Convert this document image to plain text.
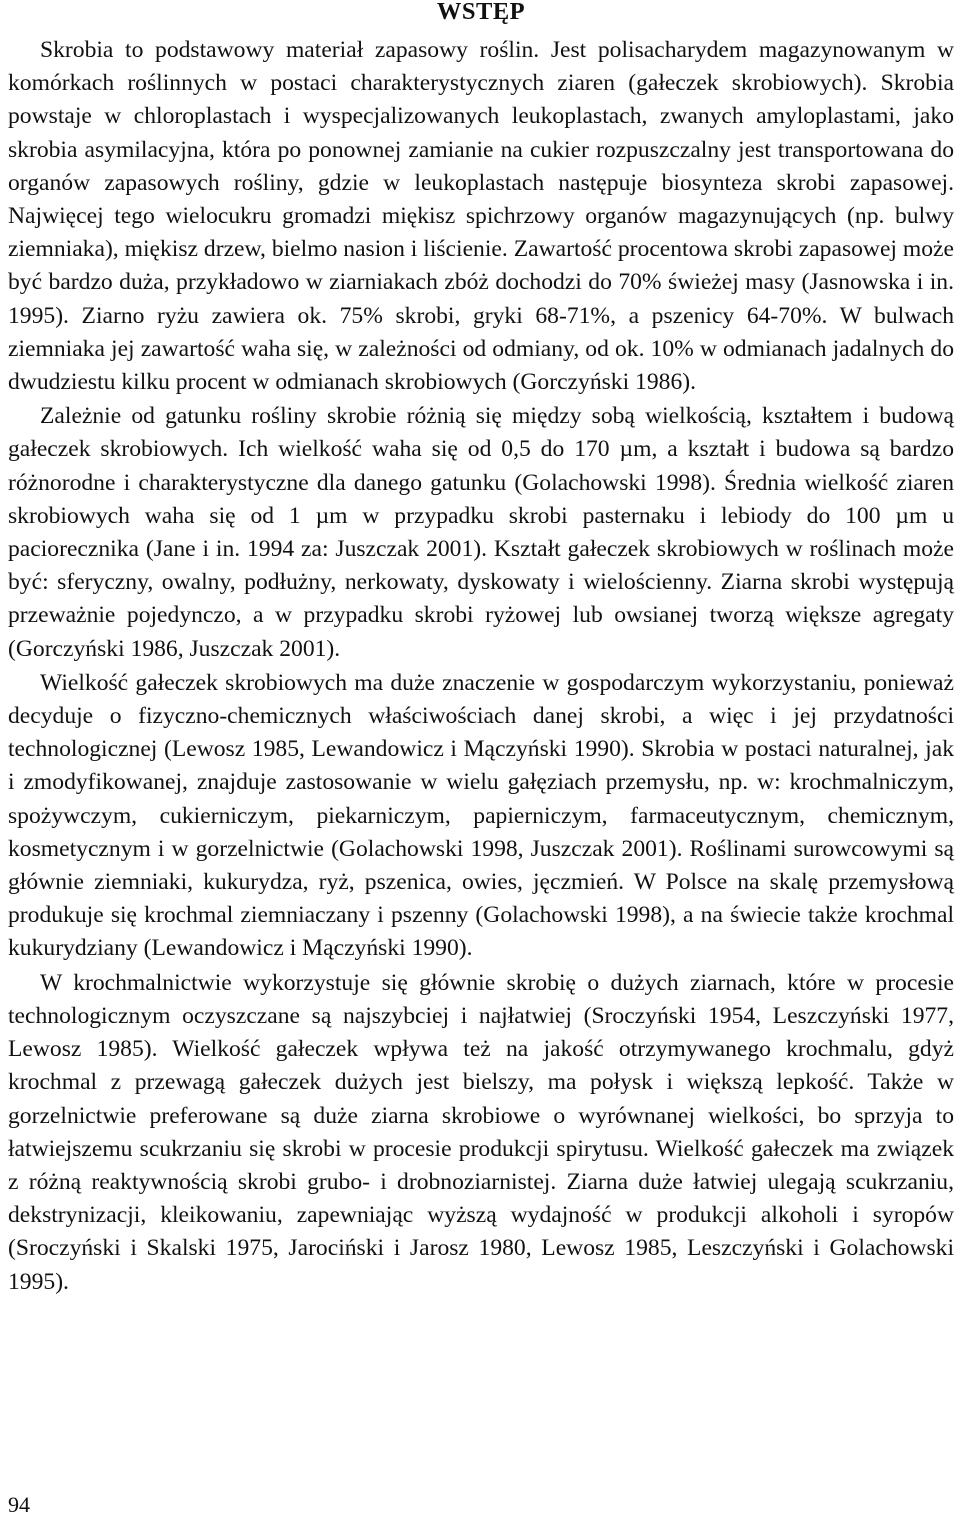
WSTĘP

Skrobia to podstawowy materiał zapasowy roślin. Jest polisacharydem magazynowanym w komórkach roślinnych w postaci charakterystycznych ziaren (gałeczek skrobiowych). Skrobia powstaje w chloroplastach i wyspecjalizowanych leukoplastach, zwanych amyloplastami, jako skrobia asymilacyjna, która po ponownej zamianie na cukier rozpuszczalny jest transportowana do organów zapasowych rośliny, gdzie w leukoplastach następuje biosynteza skrobi zapasowej. Najwięcej tego wielocukru gromadzi miękisz spichrzowy organów magazynujących (np. bulwy ziemniaka), miękisz drzew, bielmo nasion i liścienie. Zawartość procentowa skrobi zapasowej może być bardzo duża, przykładowo w ziarniakach zbóż dochodzi do 70% świeżej masy (Jasnowska i in. 1995). Ziarno ryżu zawiera ok. 75% skrobi, gryki 68-71%, a pszenicy 64-70%. W bulwach ziemniaka jej zawartość waha się, w zależności od odmiany, od ok. 10% w odmianach jadalnych do dwudziestu kilku procent w odmianach skrobiowych (Gorczyński 1986).

Zależnie od gatunku rośliny skrobie różnią się między sobą wielkością, kształtem i budową gałeczek skrobiowych. Ich wielkość waha się od 0,5 do 170 µm, a kształt i budowa są bardzo różnorodne i charakterystyczne dla danego gatunku (Golachowski 1998). Średnia wielkość ziaren skrobiowych waha się od 1 µm w przypadku skrobi pasternaku i lebiody do 100 µm u paciorecznika (Jane i in. 1994 za: Juszczak 2001). Kształt gałeczek skrobiowych w roślinach może być: sferyczny, owalny, podłużny, nerkowaty, dyskowaty i wielościenny. Ziarna skrobi występują przeważnie pojedynczo, a w przypadku skrobi ryżowej lub owsianej tworzą większe agregaty (Gorczyński 1986, Juszczak 2001).

Wielkość gałeczek skrobiowych ma duże znaczenie w gospodarczym wykorzystaniu, ponieważ decyduje o fizyczno-chemicznych właściwościach danej skrobi, a więc i jej przydatności technologicznej (Lewosz 1985, Lewandowicz i Mączyński 1990). Skrobia w postaci naturalnej, jak i zmodyfikowanej, znajduje zastosowanie w wielu gałęziach przemysłu, np. w: krochmalniczym, spożywczym, cukierniczym, piekarniczym, papierniczym, farmaceutycznym, chemicznym, kosmetycznym i w gorzelnictwie (Golachowski 1998, Juszczak 2001). Roślinami surowcowymi są głównie ziemniaki, kukurydza, ryż, pszenica, owies, jęczmień. W Polsce na skalę przemysłową produkuje się krochmal ziemniaczany i pszenny (Golachowski 1998), a na świecie także krochmal kukurydziany (Lewandowicz i Mączyński 1990).

W krochmalnictwie wykorzystuje się głównie skrobię o dużych ziarnach, które w procesie technologicznym oczyszczane są najszybciej i najłatwiej (Sroczyński 1954, Leszczyński 1977, Lewosz 1985). Wielkość gałeczek wpływa też na jakość otrzymywanego krochmalu, gdyż krochmal z przewagą gałeczek dużych jest bielszy, ma połysk i większą lepkość. Także w gorzelnictwie preferowane są duże ziarna skrobiowe o wyrównanej wielkości, bo sprzyja to łatwiejszemu scukrzaniu się skrobi w procesie produkcji spirytusu. Wielkość gałeczek ma związek z różną reaktywnością skrobi grubo- i drobnoziarnistej. Ziarna duże łatwiej ulegają scukrzaniu, dekstrynizacji, kleikowaniu, zapewniając wyższą wydajność w produkcji alkoholi i syropów (Sroczyński i Skalski 1975, Jarociński i Jarosz 1980, Lewosz 1985, Leszczyński i Golachowski 1995).

94
